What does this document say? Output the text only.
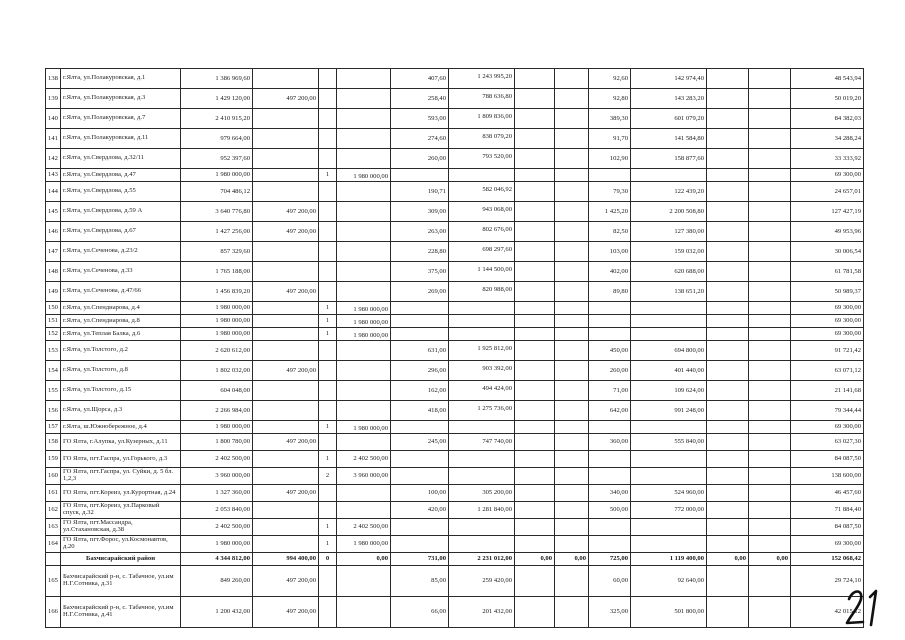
138	г.Ялта, ул.Полакуровская, д.1	1 386 969,60				407,60	1 243 995,20			92,60	142 974,40			48 543,94
139	г.Ялта, ул.Полакуровская, д.3	1 429 120,00	497 200,00			258,40	788 636,80			92,80	143 283,20			50 019,20
140	г.Ялта, ул.Полакуровская, д.7	2 410 915,20				593,00	1 809 836,00			389,30	601 079,20			84 382,03
141	г.Ялта, ул.Полакуровская, д.11	979 664,00				274,60	838 079,20			91,70	141 584,80			34 288,24
142	г.Ялта, ул.Свердлова, д.32/11	952 397,60				260,00	793 520,00			102,90	158 877,60			33 333,92
143	г.Ялта, ул.Свердлова, д.47	1 980 000,00		1	1 980 000,00									69 300,00
144	г.Ялта, ул.Свердлова, д.55	704 486,12				190,71	582 046,92			79,30	122 439,20			24 657,01
145	г.Ялта, ул.Свердлова, д.59 А	3 640 776,80	497 200,00			309,00	943 068,00			1 425,20	2 200 508,80			127 427,19
146	г.Ялта, ул.Свердлова, д.67	1 427 256,00	497 200,00			263,00	802 676,00			82,50	127 380,00			49 953,96
147	г.Ялта, ул.Сеченова, д.23/2	857 329,60				228,80	698 297,60			103,00	159 032,00			30 006,54
148	г.Ялта, ул.Сеченова, д.33	1 765 188,00				375,00	1 144 500,00			402,00	620 688,00			61 781,58
149	г.Ялта, ул.Сеченова, д.47/66	1 456 839,20	497 200,00			269,00	820 988,00			89,80	138 651,20			50 989,37
150	г.Ялта, ул.Спендиарова, д.4	1 980 000,00		1	1 980 000,00									69 300,00
151	г.Ялта, ул.Спендиарова, д.8	1 980 000,00		1	1 980 000,00									69 300,00
152	г.Ялта, ул.Теплая Балка, д.6	1 980 000,00		1	1 980 000,00									69 300,00
153	г.Ялта, ул.Толстого, д.2	2 620 612,00				631,00	1 925 812,00			450,00	694 800,00			91 721,42
154	г.Ялта, ул.Толстого, д.8	1 802 032,00	497 200,00			296,00	903 392,00			260,00	401 440,00			63 071,12
155	г.Ялта, ул.Толстого, д.15	604 048,00				162,00	494 424,00			71,00	109 624,00			21 141,68
156	г.Ялта, ул.Щорса, д.3	2 266 984,00				418,00	1 275 736,00			642,00	991 248,00			79 344,44
157	г.Ялта, ш.Южнобережное, д.4	1 980 000,00		1	1 980 000,00									69 300,00
158	ГО Ялта, г.Алупка, ул.Кузерных, д.11	1 800 780,00	497 200,00			245,00	747 740,00			360,00	555 840,00			63 027,30
159	ГО Ялта, пгт.Гаспра, ул.Горького, д.3	2 402 500,00		1	2 402 500,00									84 087,50
160	ГО Ялта, пгт.Гаспра, ул. Суйки, д. 5 бл. 1,2,3	3 960 000,00		2	3 960 000,00									138 600,00
161	ГО Ялта, пгт.Кореиз, ул.Курортная, д.24	1 327 360,00	497 200,00			100,00	305 200,00			340,00	524 960,00			46 457,60
162	ГО Ялта, пгт.Кореиз, ул.Парковый спуск, д.32	2 053 840,00				420,00	1 281 840,00			500,00	772 000,00			71 884,40
163	ГО Ялта, пгт.Массандра, ул.Стахановская, д.38	2 402 500,00		1	2 402 500,00									84 087,50
164	ГО Ялта, пгт.Форос, ул.Космонавтов, д.20	1 980 000,00		1	1 980 000,00									69 300,00
	Бахчисарайский район	4 344 812,00	994 400,00	0	0,00	731,00	2 231 012,00	0,00	0,00	725,00	1 119 400,00	0,00	0,00	152 068,42
165	Бахчисарайский р-н, с. Табачное, ул.им Н.Г.Сотника, д.31	849 260,00	497 200,00			85,00	259 420,00			60,00	92 640,00			29 724,10
166	Бахчисарайский р-н, с. Табачное, ул.им Н.Г.Сотника, д.41	1 200 432,00	497 200,00			66,00	201 432,00			325,00	501 800,00			42 015,12
